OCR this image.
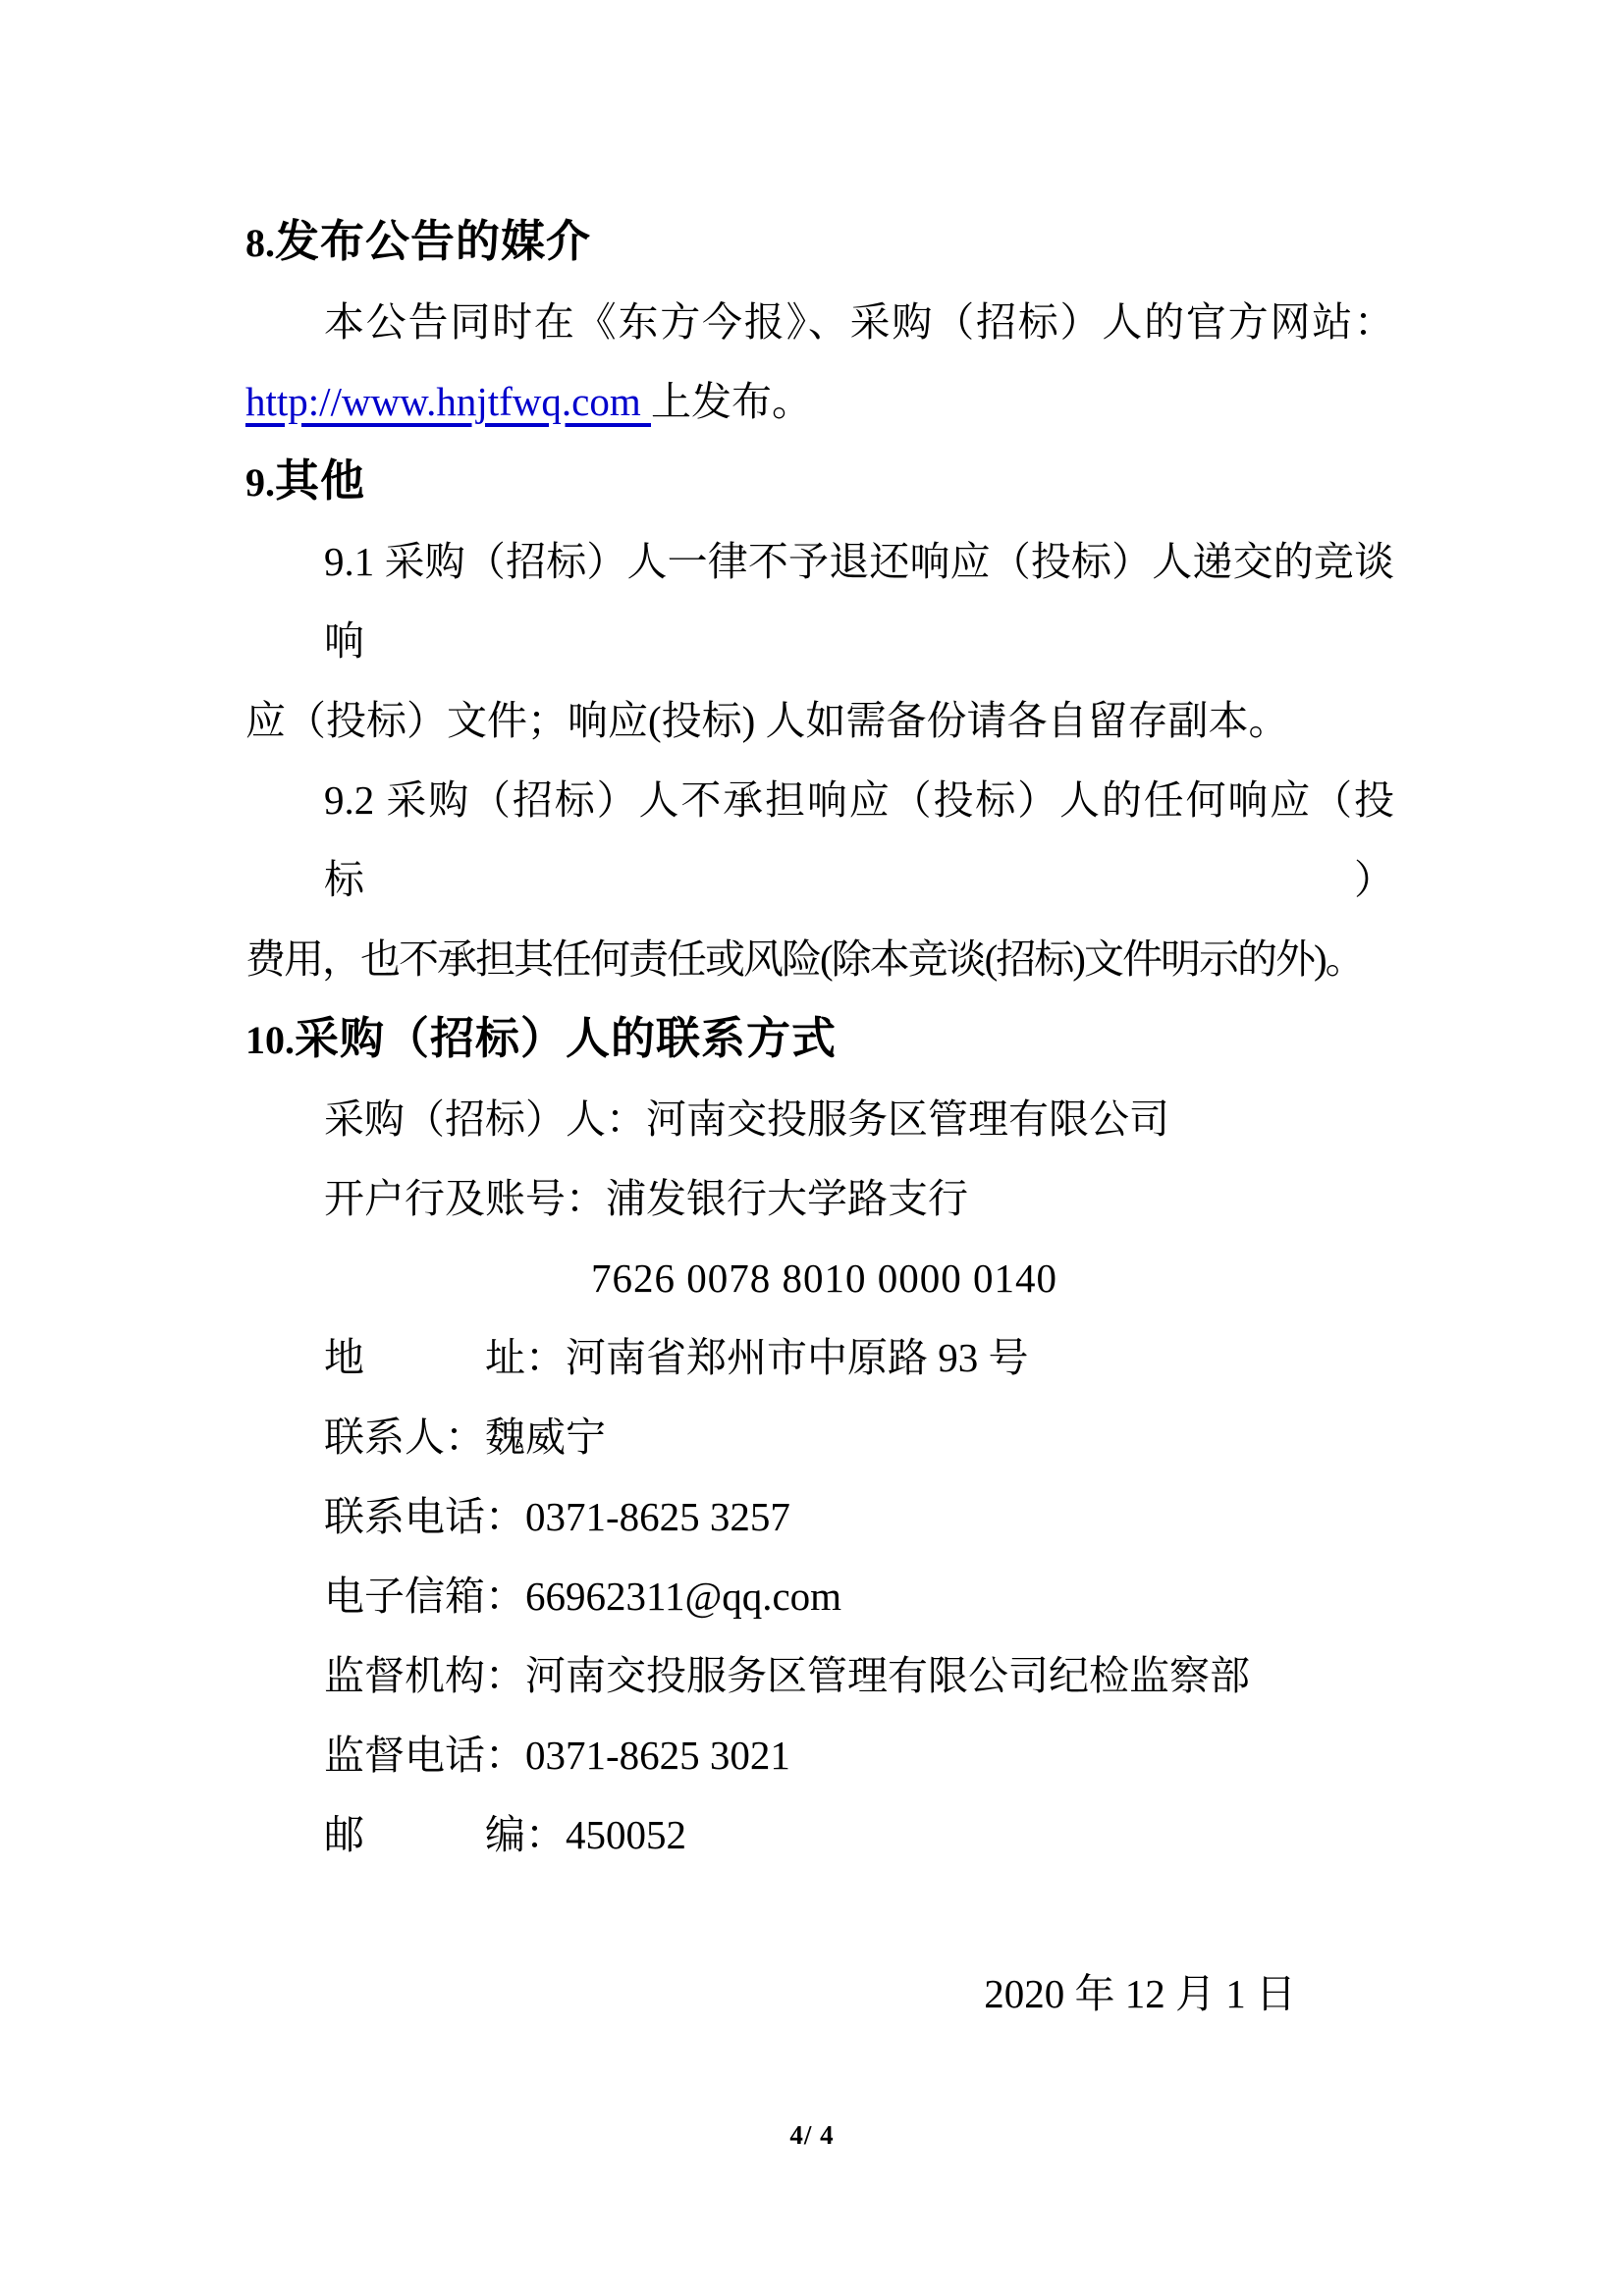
8.发布公告的媒介
本公告同时在《东方今报》、采购（招标）人的官方网站：
http://www.hnjtfwq.com 上发布。
9.其他
9.1 采购（招标）人一律不予退还响应（投标）人递交的竞谈响
应（投标）文件；响应(投标) 人如需备份请各自留存副本。
9.2 采购（招标）人不承担响应（投标）人的任何响应（投标）
费用，也不承担其任何责任或风险(除本竞谈(招标)文件明示的外)。
10.采购（招标）人的联系方式
采购（招标）人：河南交投服务区管理有限公司
开户行及账号：浦发银行大学路支行
7626 0078 8010 0000 0140
地　　　址：河南省郑州市中原路 93 号
联系人：魏威宁
联系电话：0371-8625 3257
电子信箱：66962311@qq.com
监督机构：河南交投服务区管理有限公司纪检监察部
监督电话：0371-8625 3021
邮　　　编：450052
2020 年 12 月 1 日
4/ 4
